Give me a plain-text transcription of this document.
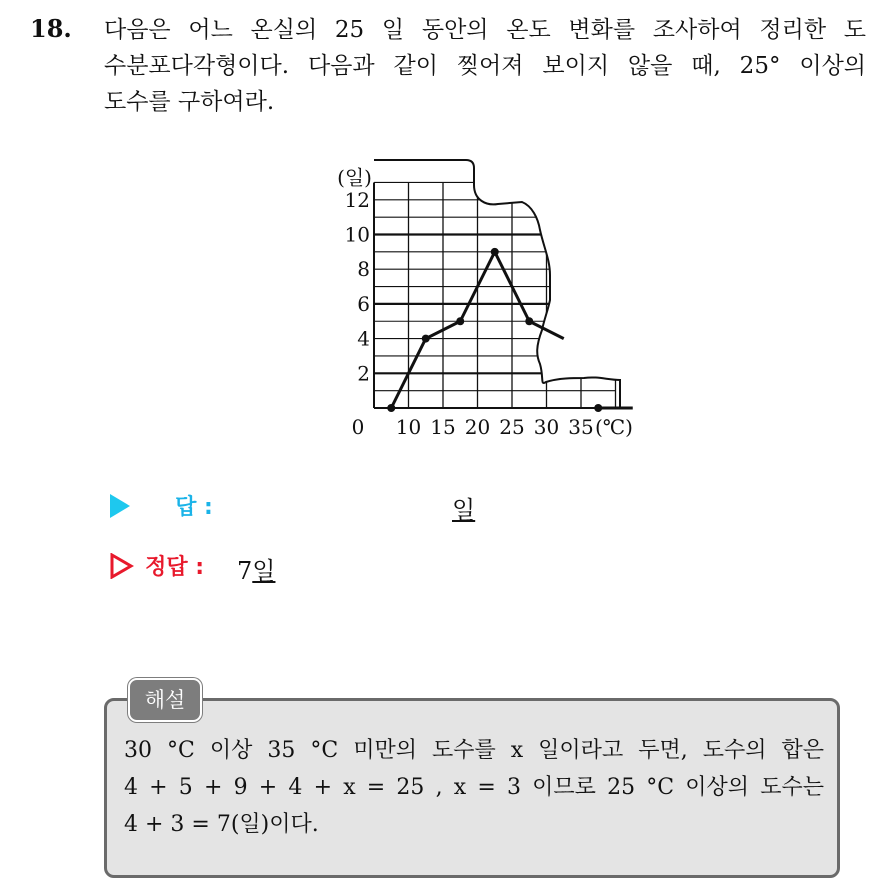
18. 다음은 어느 온실의 25 일 동안의 온도 변화를 조사하여 정리한 도
수분포다각형이다. 다음과 같이 찢어져 보이지 않을 때, 25° 이상의
도수를 구하여라.
2
4
6
8
10
12
10 15 20 25 30 35
0
(일)
(℃)
답 :	일
정답 : 7일
해설
30 °C 이상 35 °C 미만의 도수를 x 일이라고 두면, 도수의 합은
4 + 5 + 9 + 4 + x = 25 , x = 3 이므로 25 °C 이상의 도수는
4 + 3 = 7(일)이다.
